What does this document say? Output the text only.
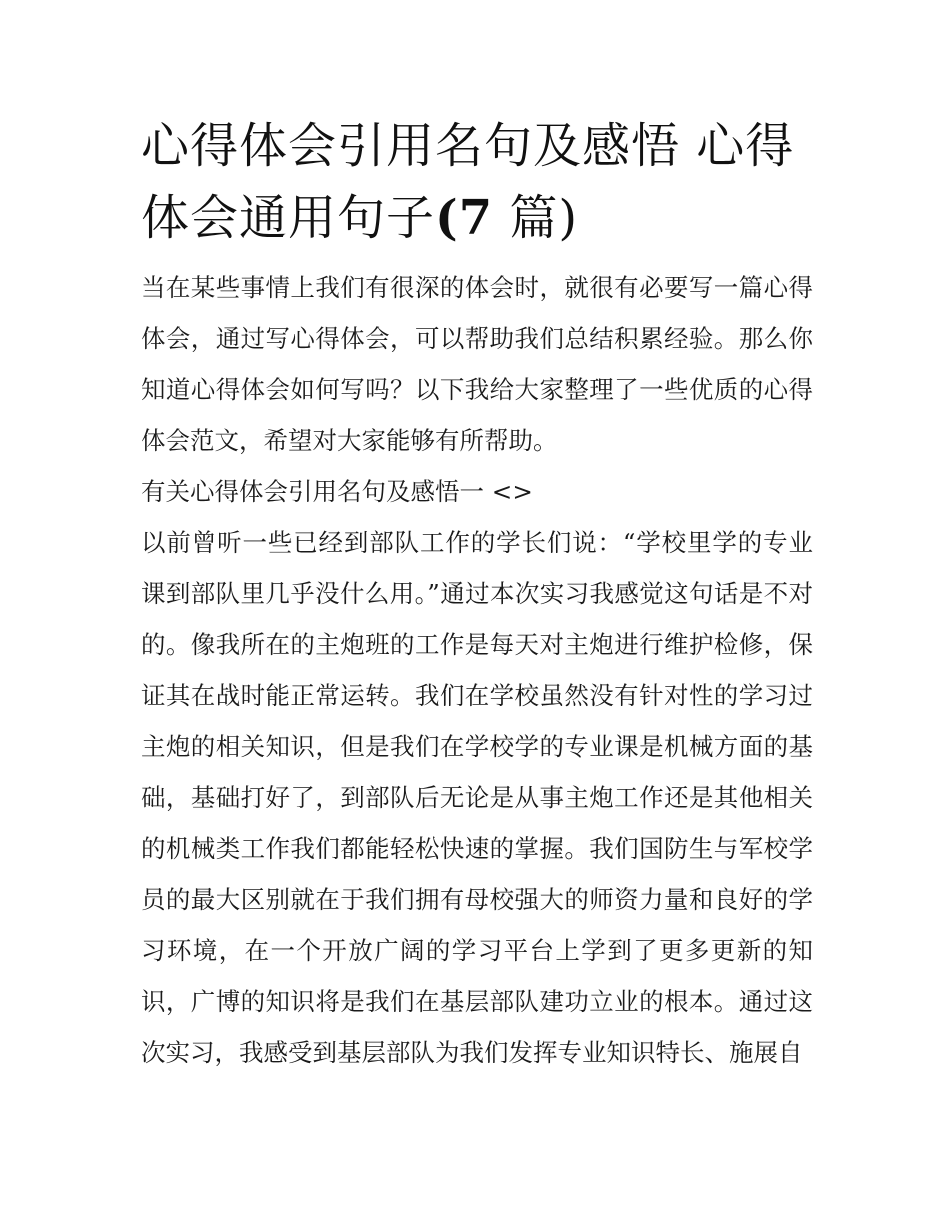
心得体会引用名句及感悟 心得体会通用句子(7 篇)

当在某些事情上我们有很深的体会时，就很有必要写一篇心得体会，通过写心得体会，可以帮助我们总结积累经验。那么你知道心得体会如何写吗？以下我给大家整理了一些优质的心得体会范文，希望对大家能够有所帮助。

有关心得体会引用名句及感悟一 <>

以前曾听一些已经到部队工作的学长们说：“学校里学的专业课到部队里几乎没什么用。”通过本次实习我感觉这句话是不对的。像我所在的主炮班的工作是每天对主炮进行维护检修，保证其在战时能正常运转。我们在学校虽然没有针对性的学习过主炮的相关知识，但是我们在学校学的专业课是机械方面的基础，基础打好了，到部队后无论是从事主炮工作还是其他相关的机械类工作我们都能轻松快速的掌握。我们国防生与军校学员的最大区别就在于我们拥有母校强大的师资力量和良好的学习环境，在一个开放广阔的学习平台上学到了更多更新的知识，广博的知识将是我们在基层部队建功立业的根本。通过这次实习，我感受到基层部队为我们发挥专业知识特长、施展自
